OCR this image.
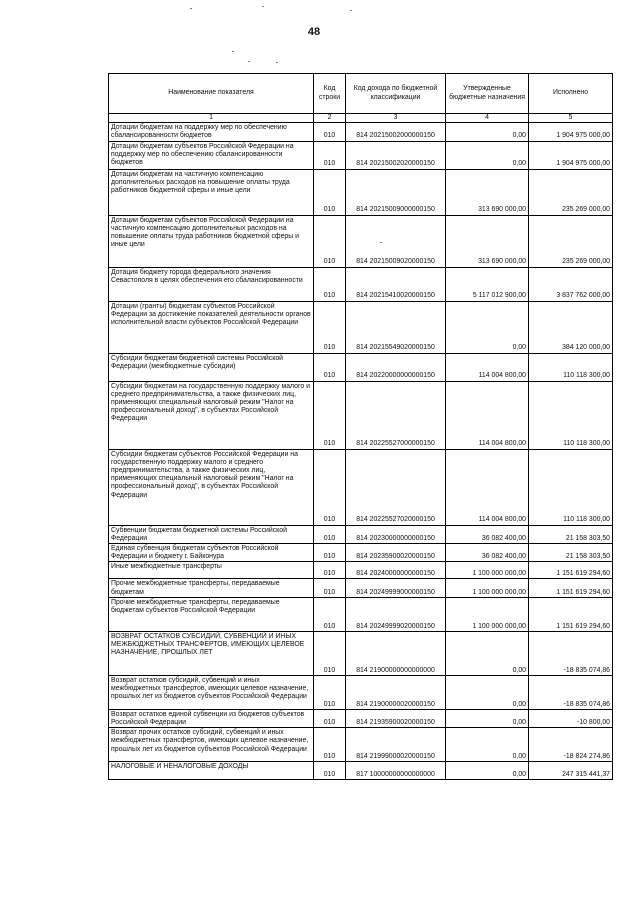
48
Наименование показателя	Код строки	Код дохода по бюджетной классификации	Утвержденные бюджетные назначения	Исполнено
1	2	3	4	5
Дотации бюджетам на поддержку мер по обеспечению сбалансированности бюджетов	010	814 20215002000000150	0,00	1 904 975 000,00
Дотации бюджетам субъектов Российской Федерации на поддержку мер по обеспечению сбалансированности бюджетов	010	814 20215002020000150	0,00	1 904 975 000,00
Дотации бюджетам на частичную компенсацию дополнительных расходов на повышение оплаты труда работников бюджетной сферы и иные цели	010	814 20215009000000150	313 690 000,00	235 269 000,00
Дотации бюджетам субъектов Российской Федерации на частичную компенсацию дополнительных расходов на повышение оплаты труда работников бюджетной сферы и иные цели	010	814 20215009020000150	313 690 000,00	235 269 000,00
Дотация бюджету города федерального значения Севастополя в целях обеспечения его сбалансированности	010	814 20215410020000150	5 117 012 900,00	3 837 762 000,00
Дотации (гранты) бюджетам субъектов Российской Федерации за достижение показателей деятельности органов исполнительной власти субъектов Российской Федерации	010	814 20215549020000150	0,00	384 120 000,00
Субсидии бюджетам бюджетной системы Российской Федерации (межбюджетные субсидии)	010	814 20220000000000150	114 004 800,00	110 118 300,00
Субсидии бюджетам на государственную поддержку малого и среднего предпринимательства, а также физических лиц, применяющих специальный налоговый режим "Налог на профессиональный доход", в субъектах Российской Федерации	010	814 20225527000000150	114 004 800,00	110 118 300,00
Субсидии бюджетам субъектов Российской Федерации на государственную поддержку малого и среднего предпринимательства, а также физических лиц, применяющих специальный налоговый режим "Налог на профессиональный доход", в субъектах Российской Федерации	010	814 20225527020000150	114 004 800,00	110 118 300,00
Субвенции бюджетам бюджетной системы Российской Федерации	010	814 20230000000000150	36 082 400,00	21 158 303,50
Единая субвенция бюджетам субъектов Российской Федерации и бюджету г. Байконура	010	814 20235900020000150	36 082 400,00	21 158 303,50
Иные межбюджетные трансферты	010	814 20240000000000150	1 100 000 000,00	1 151 619 294,60
Прочие межбюджетные трансферты, передаваемые бюджетам	010	814 20249999000000150	1 100 000 000,00	1 151 619 294,60
Прочие межбюджетные трансферты, передаваемые бюджетам субъектов Российской Федерации	010	814 20249999020000150	1 100 000 000,00	1 151 619 294,60
ВОЗВРАТ ОСТАТКОВ СУБСИДИЙ, СУБВЕНЦИЙ И ИНЫХ МЕЖБЮДЖЕТНЫХ ТРАНСФЕРТОВ, ИМЕЮЩИХ ЦЕЛЕВОЕ НАЗНАЧЕНИЕ, ПРОШЛЫХ ЛЕТ	010	814 21900000000000000	0,00	-18 835 074,86
Возврат остатков субсидий, субвенций и иных межбюджетных трансфертов, имеющих целевое назначение, прошлых лет из бюджетов субъектов Российской Федерации	010	814 21900000020000150	0,00	-18 835 074,86
Возврат остатков единой субвенции из бюджетов субъектов Российской Федерации	010	814 21935900020000150	0,00	-10 800,00
Возврат прочих остатков субсидий, субвенций и иных межбюджетных трансфертов, имеющих целевое назначение, прошлых лет из бюджетов субъектов Российской Федерации	010	814 21999000020000150	0,00	-18 824 274,86
НАЛОГОВЫЕ И НЕНАЛОГОВЫЕ ДОХОДЫ	010	817 10000000000000000	0,00	247 315 441,37
